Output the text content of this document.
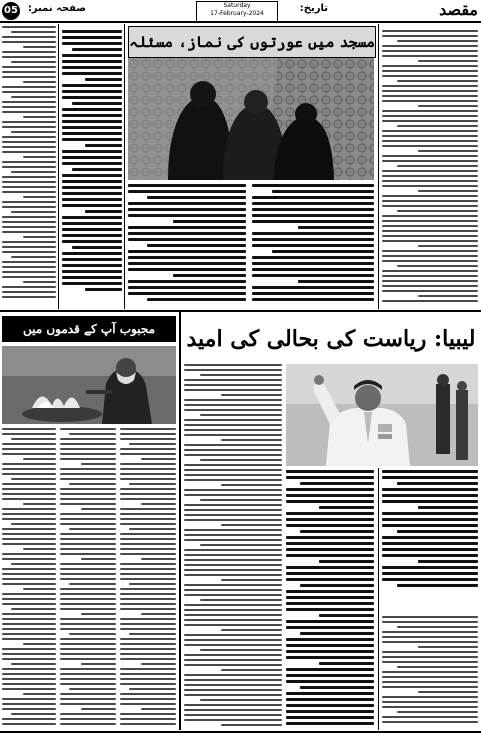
05 صفحہ نمبر:	Saturday
17-February-2024	تاریخ:	مقصد
مسجد میں عورتوں کی نماز، مسئلہ
مجبوب آپ کے قدموں میں	لیبیا: ریاست کی بحالی کی امید
